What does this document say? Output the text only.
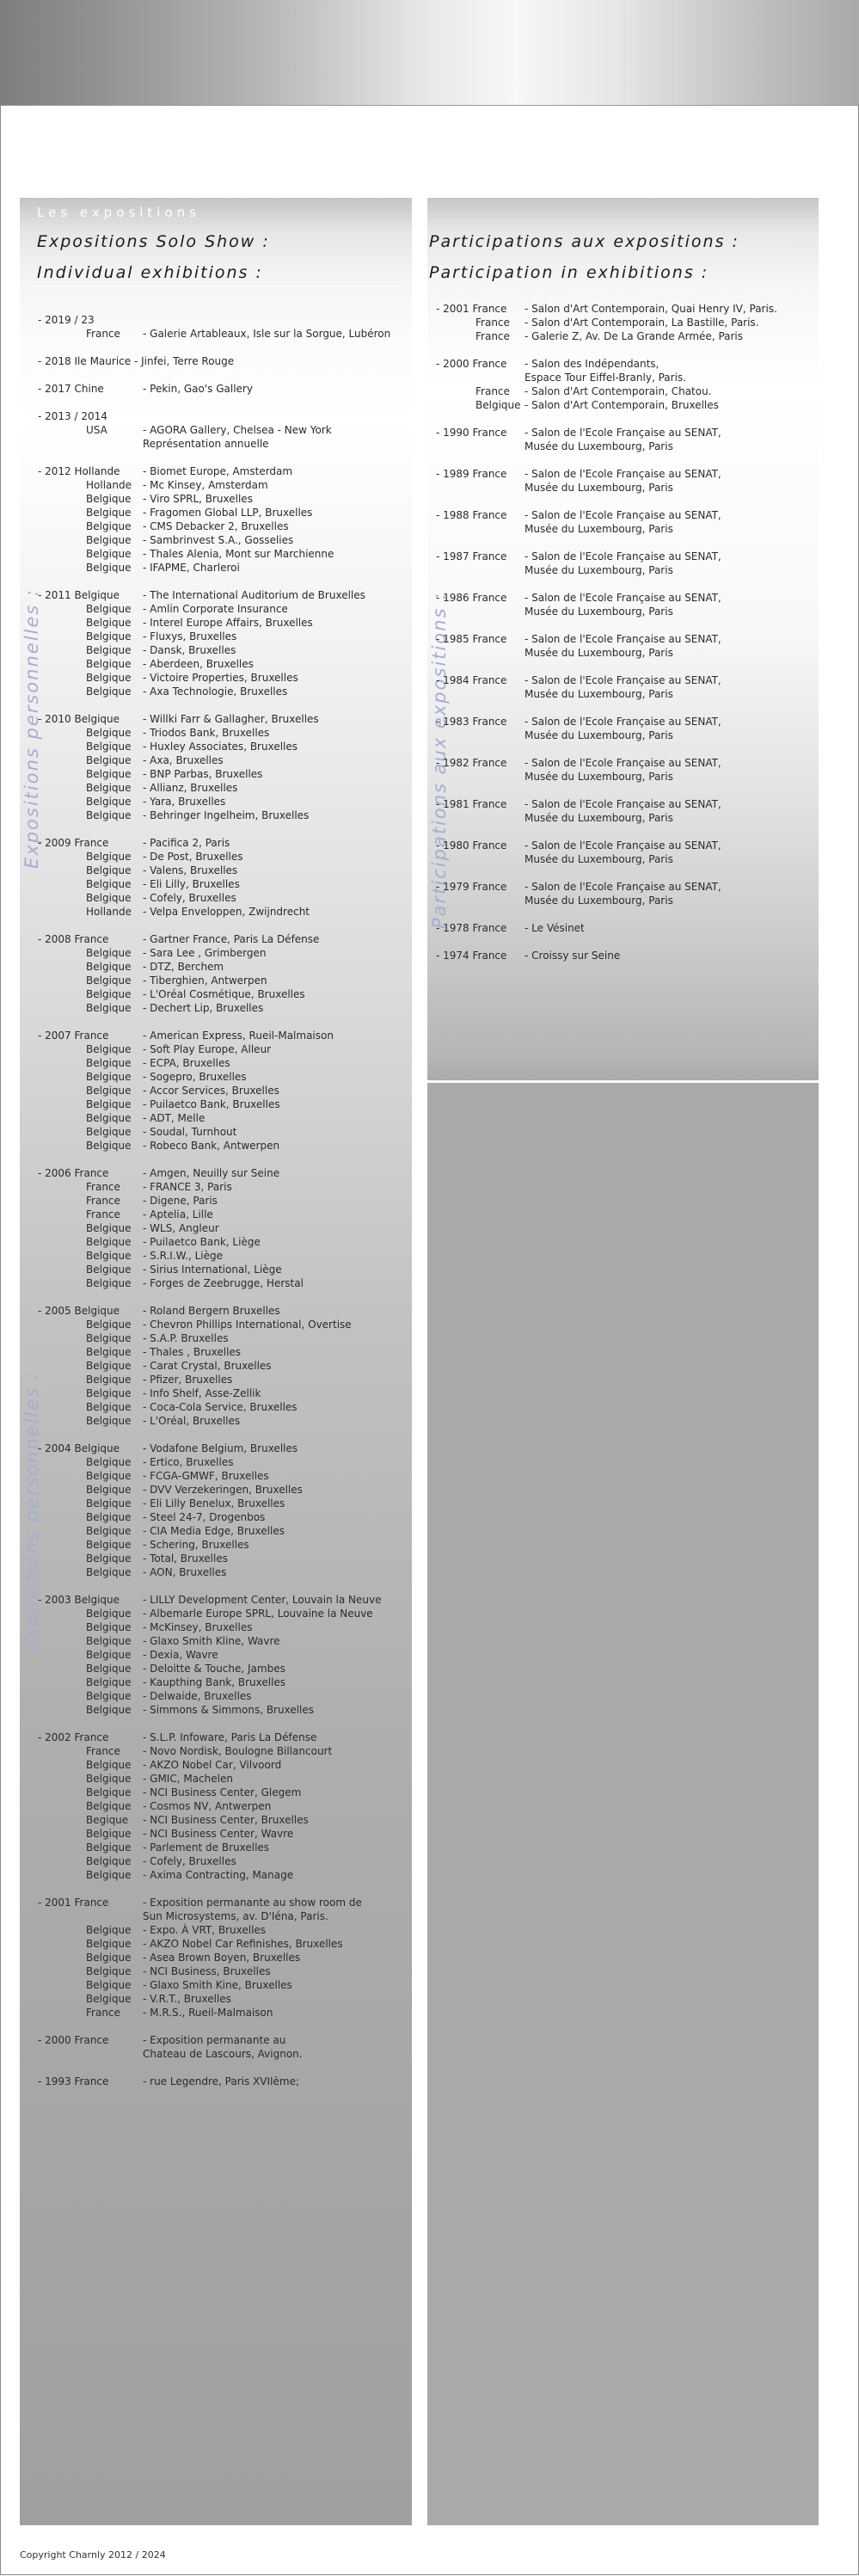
Les expositions
Expositions Solo Show :
Individual exhibitions :
Expositions personnelles :
Expositions personnelles :
- 2019 / 23
France - Galerie Artableaux, Isle sur la Sorgue, Lubéron
- 2018 Ile Maurice - Jinfei, Terre Rouge
- 2017 Chine	- Pekin, Gao's Gallery
- 2013 / 2014
USA	- AGORA Gallery, Chelsea - New York
Représentation annuelle
- 2012 Hollande - Biomet Europe, Amsterdam
Hollande - Mc Kinsey, Amsterdam
Belgique - Viro SPRL, Bruxelles
Belgique - Fragomen Global LLP, Bruxelles
Belgique - CMS Debacker 2, Bruxelles
Belgique - Sambrinvest S.A., Gosselies
Belgique - Thales Alenia, Mont sur Marchienne
Belgique - IFAPME, Charleroi
- 2011 Belgique - The International Auditorium de Bruxelles
Belgique - Amlin Corporate Insurance
Belgique - Interel Europe Affairs, Bruxelles
Belgique - Fluxys, Bruxelles
Belgique - Dansk, Bruxelles
Belgique - Aberdeen, Bruxelles
Belgique - Victoire Properties, Bruxelles
Belgique - Axa Technologie, Bruxelles
- 2010 Belgique - Willki Farr & Gallagher, Bruxelles
Belgique - Triodos Bank, Bruxelles
Belgique - Huxley Associates, Bruxelles
Belgique - Axa, Bruxelles
Belgique - BNP Parbas, Bruxelles
Belgique - Allianz, Bruxelles
Belgique - Yara, Bruxelles
Belgique - Behringer Ingelheim, Bruxelles
- 2009 France	- Pacifica 2, Paris
Belgique - De Post, Bruxelles
Belgique - Valens, Bruxelles
Belgique - Eli Lilly, Bruxelles
Belgique - Cofely, Bruxelles
Hollande - Velpa Enveloppen, Zwijndrecht
- 2008 France	- Gartner France, Paris La Défense
Belgique - Sara Lee , Grimbergen
Belgique - DTZ, Berchem
Belgique - Tiberghien, Antwerpen
Belgique - L'Oréal Cosmétique, Bruxelles
Belgique - Dechert Lip, Bruxelles
- 2007 France	- American Express, Rueil-Malmaison
Belgique - Soft Play Europe, Alleur
Belgique - ECPA, Bruxelles
Belgique - Sogepro, Bruxelles
Belgique - Accor Services, Bruxelles
Belgique - Puilaetco Bank, Bruxelles
Belgique - ADT, Melle
Belgique - Soudal, Turnhout
Belgique - Robeco Bank, Antwerpen
- 2006 France	- Amgen, Neuilly sur Seine
France - FRANCE 3, Paris
France - Digene, Paris
France - Aptelia, Lille
Belgique - WLS, Angleur
Belgique - Puilaetco Bank, Liège
Belgique - S.R.I.W., Liège
Belgique - Sirius International, Liège
Belgique - Forges de Zeebrugge, Herstal
- 2005 Belgique - Roland Bergern Bruxelles
Belgique - Chevron Phillips International, Overtise
Belgique - S.A.P. Bruxelles
Belgique - Thales , Bruxelles
Belgique - Carat Crystal, Bruxelles
Belgique - Pfizer, Bruxelles
Belgique - Info Shelf, Asse-Zellik
Belgique - Coca-Cola Service, Bruxelles
Belgique - L'Oréal, Bruxelles
- 2004 Belgique - Vodafone Belgium, Bruxelles
Belgique - Ertico, Bruxelles
Belgique - FCGA-GMWF, Bruxelles
Belgique - DVV Verzekeringen, Bruxelles
Belgique - Eli Lilly Benelux, Bruxelles
Belgique - Steel 24-7, Drogenbos
Belgique - CIA Media Edge, Bruxelles
Belgique - Schering, Bruxelles
Belgique - Total, Bruxelles
Belgique - AON, Bruxelles
- 2003 Belgique - LILLY Development Center, Louvain la Neuve
Belgique - Albemarle Europe SPRL, Louvaine la Neuve
Belgique - McKinsey, Bruxelles
Belgique - Glaxo Smith Kline, Wavre
Belgique - Dexia, Wavre
Belgique - Deloitte & Touche, Jambes
Belgique - Kaupthing Bank, Bruxelles
Belgique - Delwaide, Bruxelles
Belgique - Simmons & Simmons, Bruxelles
- 2002 France	- S.L.P. Infoware, Paris La Défense
France - Novo Nordisk, Boulogne Billancourt
Belgique - AKZO Nobel Car, Vilvoord
Belgique - GMIC, Machelen
Belgique - NCI Business Center, Glegem
Belgique - Cosmos NV, Antwerpen
Begique - NCI Business Center, Bruxelles
Belgique - NCI Business Center, Wavre
Belgique - Parlement de Bruxelles
Belgique - Cofely, Bruxelles
Belgique - Axima Contracting, Manage
- 2001 France	- Exposition permanante au show room de
Sun Microsystems, av. D'Iéna, Paris.
Belgique - Expo. À VRT, Bruxelles
Belgique - AKZO Nobel Car Refinishes, Bruxelles
Belgique - Asea Brown Boyen, Bruxelles
Belgique - NCI Business, Bruxelles
Belgique - Glaxo Smith Kine, Bruxelles
Belgique - V.R.T., Bruxelles
France - M.R.S., Rueil-Malmaison
- 2000 France	- Exposition permanante au
Chateau de Lascours, Avignon.
- 1993 France	- rue Legendre, Paris XVIIème;
Participations aux expositions :
Participation in exhibitions :
Participations aux expositions :
- 2001 France - Salon d'Art Contemporain, Quai Henry IV, Paris.
France - Salon d'Art Contemporain, La Bastille, Paris.
France - Galerie Z, Av. De La Grande Armée, Paris
- 2000 France - Salon des Indépendants,
Espace Tour Eiffel-Branly, Paris.
France - Salon d'Art Contemporain, Chatou.
Belgique - Salon d'Art Contemporain, Bruxelles
- 1990 France - Salon de l'Ecole Française au SENAT,
Musée du Luxembourg, Paris
- 1989 France - Salon de l'Ecole Française au SENAT,
Musée du Luxembourg, Paris
- 1988 France - Salon de l'Ecole Française au SENAT,
Musée du Luxembourg, Paris
- 1987 France - Salon de l'Ecole Française au SENAT,
Musée du Luxembourg, Paris
- 1986 France - Salon de l'Ecole Française au SENAT,
Musée du Luxembourg, Paris
- 1985 France - Salon de l'Ecole Française au SENAT,
Musée du Luxembourg, Paris
- 1984 France - Salon de l'Ecole Française au SENAT,
Musée du Luxembourg, Paris
- 1983 France - Salon de l'Ecole Française au SENAT,
Musée du Luxembourg, Paris
- 1982 France - Salon de l'Ecole Française au SENAT,
Musée du Luxembourg, Paris
- 1981 France - Salon de l'Ecole Française au SENAT,
Musée du Luxembourg, Paris
- 1980 France - Salon de l'Ecole Française au SENAT,
Musée du Luxembourg, Paris
- 1979 France - Salon de l'Ecole Française au SENAT,
Musée du Luxembourg, Paris
- 1978 France - Le Vésinet
- 1974 France - Croissy sur Seine
Copyright Charnly 2012 / 2024
